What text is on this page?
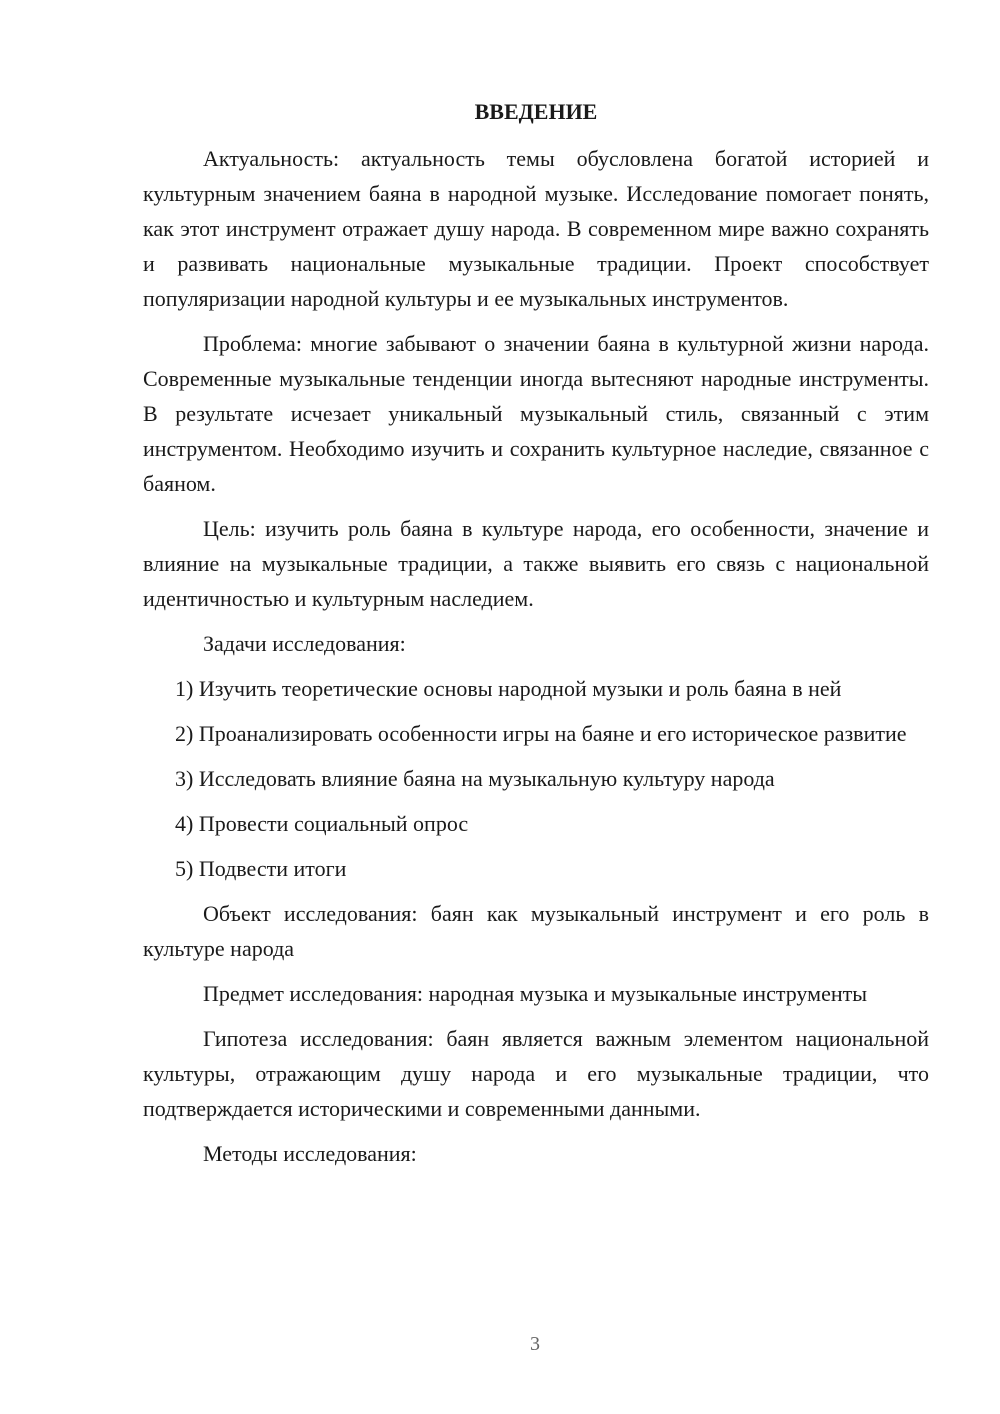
ВВЕДЕНИЕ

Актуальность: актуальность темы обусловлена богатой историей и культурным значением баяна в народной музыке. Исследование помогает понять, как этот инструмент отражает душу народа. В современном мире важно сохранять и развивать национальные музыкальные традиции. Проект способствует популяризации народной культуры и ее музыкальных инструментов.

Проблема: многие забывают о значении баяна в культурной жизни народа. Современные музыкальные тенденции иногда вытесняют народные инструменты. В результате исчезает уникальный музыкальный стиль, связанный с этим инструментом. Необходимо изучить и сохранить культурное наследие, связанное с баяном.

Цель: изучить роль баяна в культуре народа, его особенности, значение и влияние на музыкальные традиции, а также выявить его связь с национальной идентичностью и культурным наследием.

Задачи исследования:

1) Изучить теоретические основы народной музыки и роль баяна в ней

2) Проанализировать особенности игры на баяне и его историческое развитие

3) Исследовать влияние баяна на музыкальную культуру народа

4) Провести социальный опрос

5) Подвести итоги

Объект исследования: баян как музыкальный инструмент и его роль в культуре народа

Предмет исследования: народная музыка и музыкальные инструменты

Гипотеза исследования: баян является важным элементом национальной культуры, отражающим душу народа и его музыкальные традиции, что подтверждается историческими и современными данными.

Методы исследования:

3
